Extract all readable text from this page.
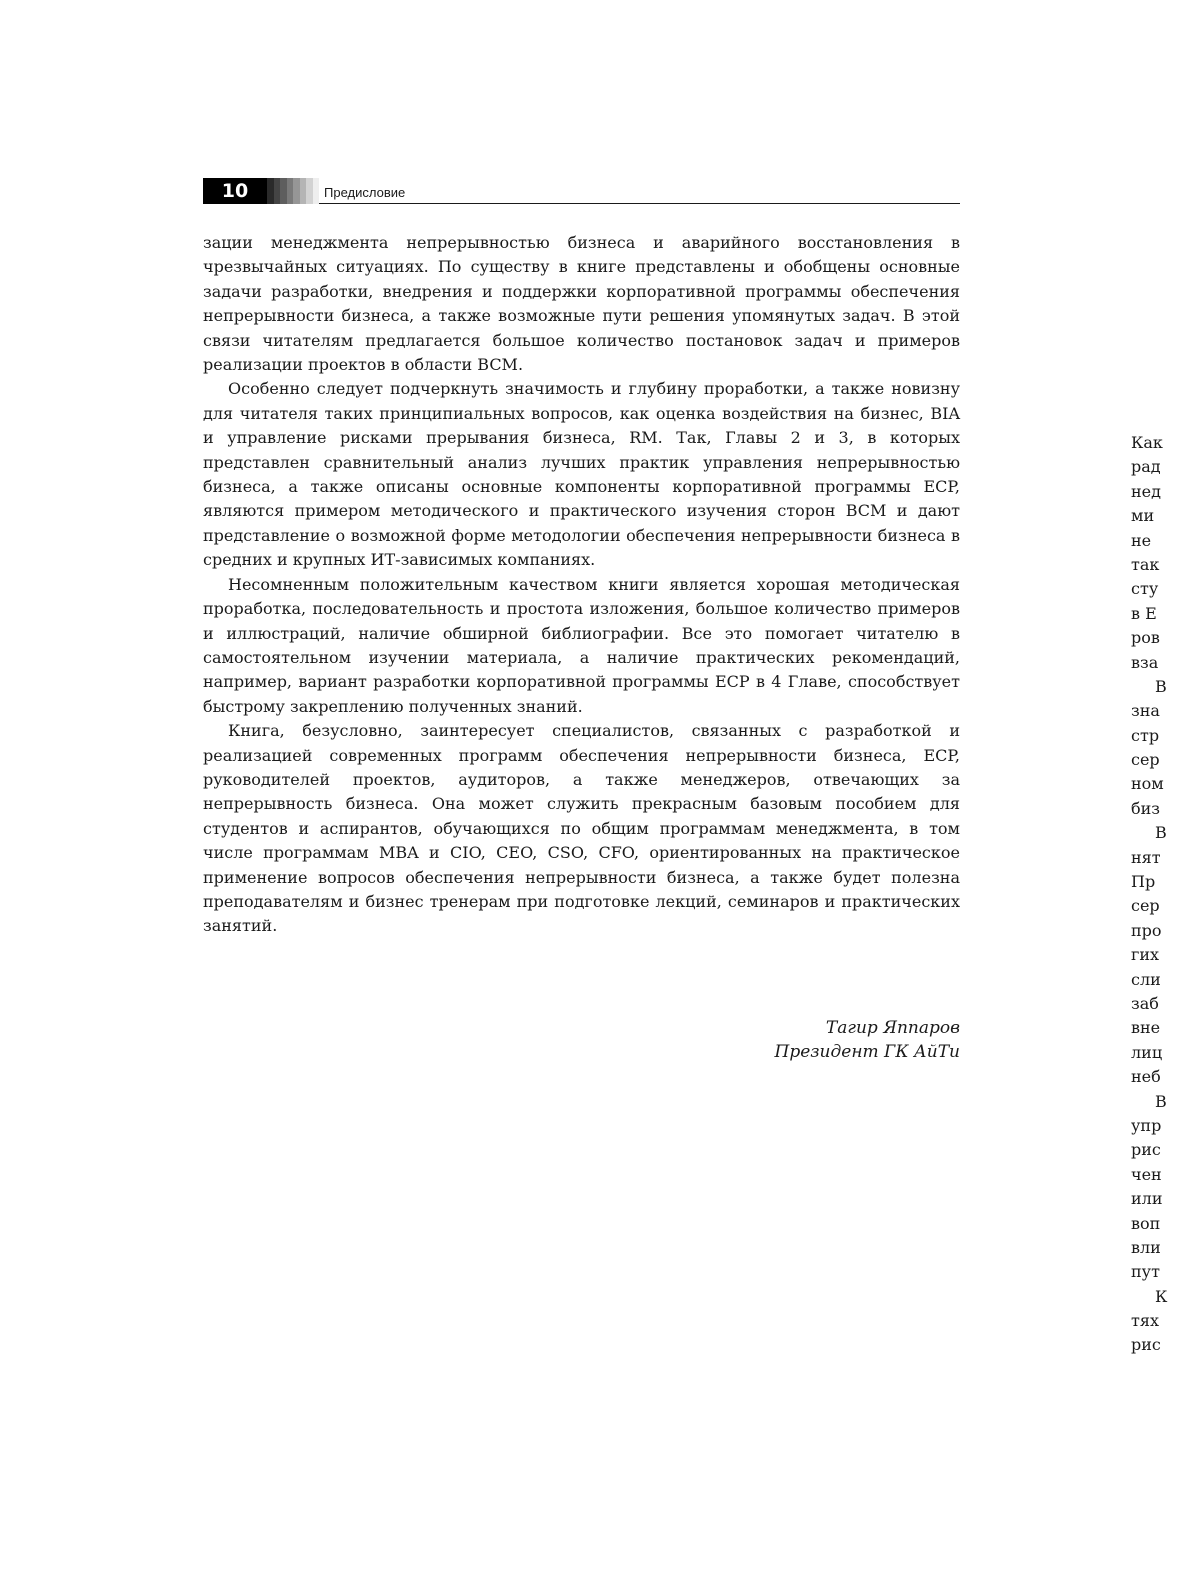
10	Предисловие

зации менеджмента непрерывностью бизнеса и аварийного восстановления в чрезвычайных ситуациях. По существу в книге представлены и обобщены основные задачи разработки, внедрения и поддержки корпоративной программы обеспечения непрерывности бизнеса, а также возможные пути решения упомянутых задач. В этой связи читателям предлагается большое количество постановок задач и примеров реализации проектов в области BCM.

Особенно следует подчеркнуть значимость и глубину проработки, а также новизну для читателя таких принципиальных вопросов, как оценка воздействия на бизнес, BIA и управление рисками прерывания бизнеса, RM. Так, Главы 2 и 3, в которых представлен сравнительный анализ лучших практик управления непрерывностью бизнеса, а также описаны основные компоненты корпоративной программы ECP, являются примером методического и практического изучения сторон BCM и дают представление о возможной форме методологии обеспечения непрерывности бизнеса в средних и крупных ИТ-зависимых компаниях.

Несомненным положительным качеством книги является хорошая методическая проработка, последовательность и простота изложения, большое количество примеров и иллюстраций, наличие обширной библиографии. Все это помогает читателю в самостоятельном изучении материала, а наличие практических рекомендаций, например, вариант разработки корпоративной программы ECP в 4 Главе, способствует быстрому закреплению полученных знаний.

Книга, безусловно, заинтересует специалистов, связанных с разработкой и реализацией современных программ обеспечения непрерывности бизнеса, ECP, руководителей проектов, аудиторов, а также менеджеров, отвечающих за непрерывность бизнеса. Она может служить прекрасным базовым пособием для студентов и аспирантов, обучающихся по общим программам менеджмента, в том числе программам MBA и CIO, CEO, CSO, CFO, ориентированных на практическое применение вопросов обеспечения непрерывности бизнеса, а также будет полезна преподавателям и бизнес тренерам при подготовке лекций, семинаров и практических занятий.

Тагир Яппаров
Президент ГК АйТи
Как
рад
нед
ми
не
так
сту
в Е
ров
вза
В
зна
стр
сер
ном
биз
В
нят
Пр
сер
про
гих
сли
заб
вне
лиц
неб
В
упр
рис
чен
или
воп
вли
пут
К
тях
рис
